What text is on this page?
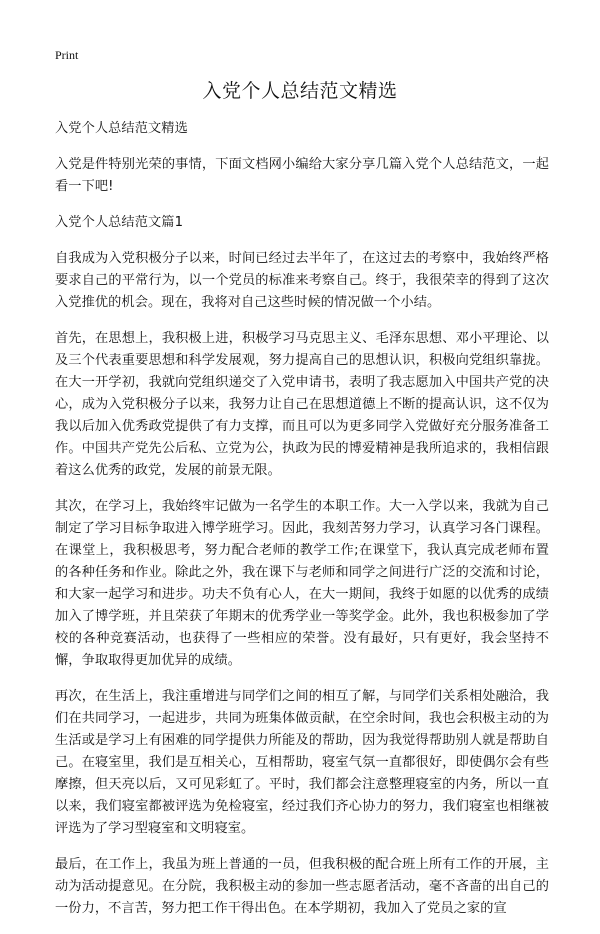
Print
入党个人总结范文精选

入党个人总结范文精选

入党是件特别光荣的事情，下面文档网小编给大家分享几篇入党个人总结范文，一起看一下吧!

入党个人总结范文篇1

自我成为入党积极分子以来，时间已经过去半年了，在这过去的考察中，我始终严格要求自己的平常行为，以一个党员的标准来考察自己。终于，我很荣幸的得到了这次入党推优的机会。现在，我将对自己这些时候的情况做一个小结。

首先，在思想上，我积极上进，积极学习马克思主义、毛泽东思想、邓小平理论、以及三个代表重要思想和科学发展观，努力提高自己的思想认识，积极向党组织靠拢。在大一开学初，我就向党组织递交了入党申请书，表明了我志愿加入中国共产党的决心，成为入党积极分子以来，我努力让自己在思想道德上不断的提高认识，这不仅为我以后加入优秀政党提供了有力支撑，而且可以为更多同学入党做好充分服务准备工作。中国共产党先公后私、立党为公，执政为民的博爱精神是我所追求的，我相信跟着这么优秀的政党，发展的前景无限。

其次，在学习上，我始终牢记做为一名学生的本职工作。大一入学以来，我就为自己制定了学习目标争取进入博学班学习。因此，我刻苦努力学习，认真学习各门课程。在课堂上，我积极思考，努力配合老师的教学工作;在课堂下，我认真完成老师布置的各种任务和作业。除此之外，我在课下与老师和同学之间进行广泛的交流和讨论，和大家一起学习和进步。功夫不负有心人，在大一期间，我终于如愿的以优秀的成绩加入了博学班，并且荣获了年期末的优秀学业一等奖学金。此外，我也积极参加了学校的各种竞赛活动，也获得了一些相应的荣誉。没有最好，只有更好，我会坚持不懈，争取取得更加优异的成绩。

再次，在生活上，我注重增进与同学们之间的相互了解，与同学们关系相处融洽，我们在共同学习，一起进步，共同为班集体做贡献，在空余时间，我也会积极主动的为生活或是学习上有困难的同学提供力所能及的帮助，因为我觉得帮助别人就是帮助自己。在寝室里，我们是互相关心，互相帮助，寝室气氛一直都很好，即使偶尔会有些摩擦，但天亮以后，又可见彩虹了。平时，我们都会注意整理寝室的内务，所以一直以来，我们寝室都被评选为免检寝室，经过我们齐心协力的努力，我们寝室也相继被评选为了学习型寝室和文明寝室。

最后，在工作上，我虽为班上普通的一员，但我积极的配合班上所有工作的开展，主动为活动提意见。在分院，我积极主动的参加一些志愿者活动，毫不吝啬的出自己的一份力，不言苦，努力把工作干得出色。在本学期初，我加入了党员之家的宣
